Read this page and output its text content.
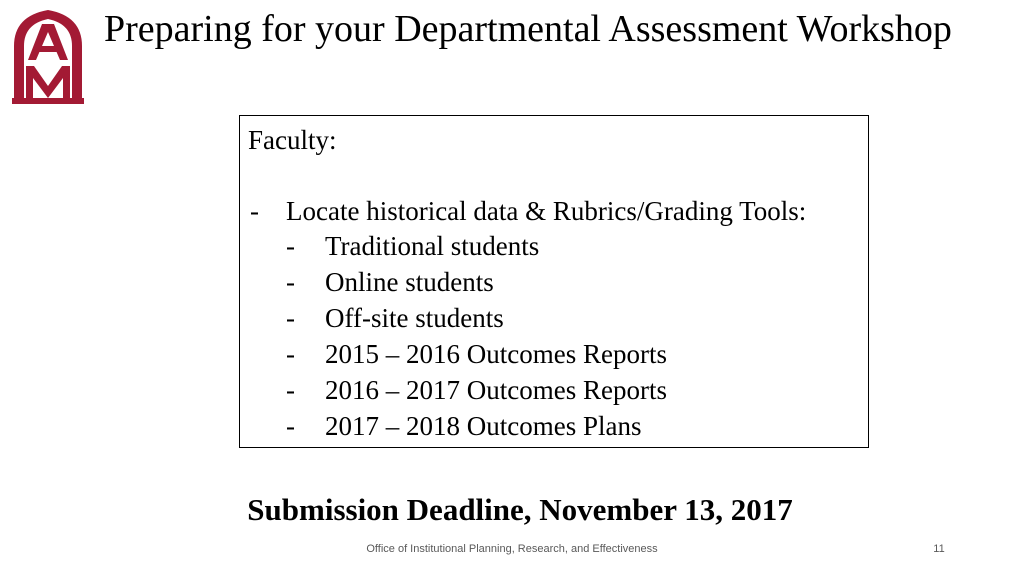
Preparing for your Departmental Assessment Workshop
Faculty:
- Locate historical data & Rubrics/Grading Tools:
- Traditional students
- Online students
- Off-site students
- 2015 – 2016 Outcomes Reports
- 2016 – 2017 Outcomes Reports
- 2017 – 2018 Outcomes Plans
Submission Deadline, November 13, 2017
Office of Institutional Planning, Research, and Effectiveness	11
